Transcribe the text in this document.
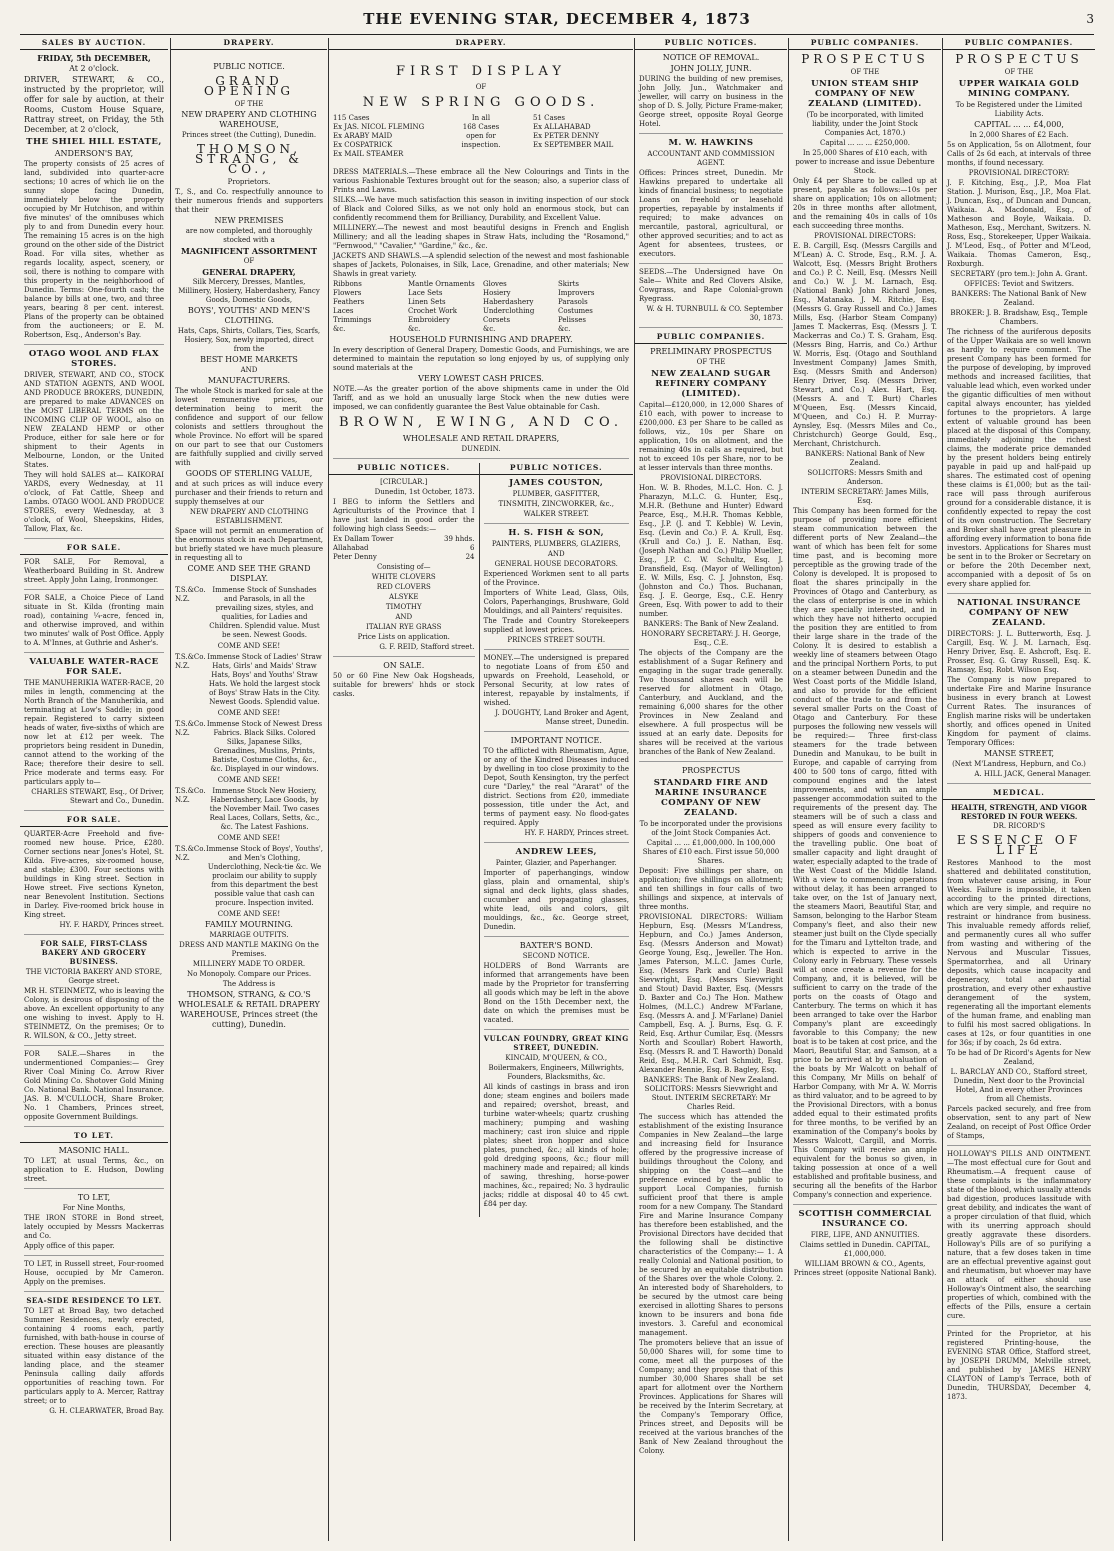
THE EVENING STAR, DECEMBER 4, 1873	3
SALES BY AUCTION.
FRIDAY, 5th DECEMBER,
At 2 o'clock.
DRIVER, STEWART, & CO., instructed by the proprietor, will offer for sale by auction, at their Rooms, Custom House Square, Rattray street, on Friday, the 5th December, at 2 o'clock,
THE SHIEL HILL ESTATE,
ANDERSON'S BAY,
The property consists of 25 acres of land, subdivided into quarter-acre sections; 10 acres of which lie on the sunny slope facing Dunedin, immediately below the property occupied by Mr Hutchison, and within five minutes' of the omnibuses which ply to and from Dunedin every hour. The remaining 15 acres is on the high ground on the other side of the District Road. For villa sites, whether as regards locality, aspect, scenery, or soil, there is nothing to compare with this property in the neighborhood of Dunedin. Terms: One-fourth cash; the balance by bills at one, two, and three years, bearing 8 per cent. interest. Plans of the property can be obtained from the auctioneers; or E. M. Robertson, Esq., Anderson's Bay.
OTAGO WOOL AND FLAX STORES.
DRIVER, STEWART, AND CO., STOCK AND STATION AGENTS, AND WOOL AND PRODUCE BROKERS, DUNEDIN, are prepared to make ADVANCES on the MOST LIBERAL TERMS on the INCOMING CLIP OF WOOL, also on NEW ZEALAND HEMP or other Produce, either for sale here or for shipment to their Agents in Melbourne, London, or the United States.
They will hold SALES at— KAIKORAI YARDS, every Wednesday, at 11 o'clock, of Fat Cattle, Sheep and Lambs. OTAGO WOOL AND PRODUCE STORES, every Wednesday, at 3 o'clock, of Wool, Sheepskins, Hides, Tallow, Flax, &c.
FOR SALE.
FOR SALE, For Removal, a Weatherboard Building in St. Andrew street. Apply John Laing, Ironmonger.
FOR SALE, a Choice Piece of Land situate in St. Kilda (fronting main road), containing ¼-acre, fenced in, and otherwise improved, and within two minutes' walk of Post Office. Apply to A. M'Innes, at Guthrie and Asher's.
VALUABLE WATER-RACE FOR SALE.
THE MANUHERIKIA WATER-RACE, 20 miles in length, commencing at the North Branch of the Manuherikia, and terminating at Low's Saddle; in good repair. Registered to carry sixteen heads of water, five-sixths of which are now let at £12 per week. The proprietors being resident in Dunedin, cannot attend to the working of the Race; therefore their desire to sell. Price moderate and terms easy. For particulars apply to—
CHARLES STEWART, Esq., Of Driver, Stewart and Co., Dunedin.
FOR SALE.
QUARTER-Acre Freehold and five-roomed new house. Price, £280. Corner sections near Jones's Hotel, St. Kilda. Five-acres, six-roomed house, and stable; £300. Four sections with buildings in King street. Section in Howe street. Five sections Kyneton, near Benevolent Institution. Sections in Darley. Five-roomed brick house in King street.
HY. F. HARDY, Princes street.
FOR SALE, FIRST-CLASS BAKERY AND GROCERY BUSINESS.
THE VICTORIA BAKERY AND STORE, George street.
MR H. STEINMETZ, who is leaving the Colony, is desirous of disposing of the above. An excellent opportunity to any one wishing to invest. Apply to H. STEINMETZ, On the premises; Or to R. WILSON, & CO., Jetty street.
FOR SALE.—Shares in the undermentioned Companies:— Grey River Coal Mining Co. Arrow River Gold Mining Co. Shotover Gold Mining Co. National Bank. National Insurance. JAS. B. M'CULLOCH, Share Broker, No. 1 Chambers, Princes street, opposite Government Buildings.
TO LET.
MASONIC HALL.
TO LET, at usual Terms, &c., on application to E. Hudson, Dowling street.
TO LET,
For Nine Months,
THE IRON STORE in Bond street, lately occupied by Messrs Mackerras and Co.
Apply office of this paper.
TO LET, in Russell street, Four-roomed House, occupied by Mr Cameron. Apply on the premises.
SEA-SIDE RESIDENCE TO LET.
TO LET at Broad Bay, two detached Summer Residences, newly erected, containing 4 rooms each, partly furnished, with bath-house in course of erection. These houses are pleasantly situated within easy distance of the landing place, and the steamer Peninsula calling daily affords opportunities of reaching town. For particulars apply to A. Mercer, Rattray street; or to
G. H. CLEARWATER, Broad Bay.
DRAPERY.
PUBLIC NOTICE.
GRAND OPENING
OF THE
NEW DRAPERY AND CLOTHING WAREHOUSE,
Princes street (the Cutting), Dunedin.
THOMSON, STRANG, & CO.,
Proprietors.
T., S., and Co. respectfully announce to their numerous friends and supporters that their
NEW PREMISES
are now completed, and thoroughly stocked with a
MAGNIFICENT ASSORTMENT
OF
GENERAL DRAPERY,
Silk Mercery, Dresses, Mantles, Millinery, Hosiery, Haberdashery, Fancy Goods, Domestic Goods,
BOYS', YOUTHS' AND MEN'S CLOTHING.
Hats, Caps, Shirts, Collars, Ties, Scarfs, Hosiery, Sox, newly imported, direct from the
BEST HOME MARKETS
AND
MANUFACTURERS.
The whole Stock is marked for sale at the lowest remunerative prices, our determination being to merit the confidence and support of our fellow colonists and settlers throughout the whole Province. No effort will be spared on our part to see that our Customers are faithfully supplied and civilly served with
GOODS OF STERLING VALUE,
and at such prices as will induce every purchaser and their friends to return and supply themselves at our
NEW DRAPERY AND CLOTHING ESTABLISHMENT.
Space will not permit an enumeration of the enormous stock in each Department, but briefly stated we have much pleasure in requesting all to
COME AND SEE THE GRAND DISPLAY.
T.S.&Co. N.Z.
Immense Stock of Sunshades and Parasols, in all the prevailing sizes, styles, and qualities, for Ladies and Children. Splendid value. Must be seen. Newest Goods.
COME AND SEE!
T.S.&Co. N.Z.
Immense Stock of Ladies' Straw Hats, Girls' and Maids' Straw Hats, Boys' and Youths' Straw Hats. We hold the largest stock of Boys' Straw Hats in the City. Newest Goods. Splendid value.
COME AND SEE!
T.S.&Co. N.Z.
Immense Stock of Newest Dress Fabrics. Black Silks. Colored Silks, Japanese Silks, Grenadines, Muslins, Prints, Batiste, Costume Cloths, &c., &c. Displayed in our windows.
COME AND SEE!
T.S.&Co. N.Z.
Immense Stock New Hosiery, Haberdashery, Lace Goods, by the November Mail. Two cases Real Laces, Collars, Setts, &c., &c. The Latest Fashions.
COME AND SEE!
T.S.&Co. N.Z.
Immense Stock of Boys', Youths', and Men's Clothing, Underclothing, Neck-tie &c. We proclaim our ability to supply from this department the best possible value that cash can procure. Inspection invited.
COME AND SEE!
FAMILY MOURNING.
MARRIAGE OUTFITS.
DRESS AND MANTLE MAKING On the Premises.
MILLINERY MADE TO ORDER.
No Monopoly. Compare our Prices.
The Address is
THOMSON, STRANG, & CO.'S WHOLESALE & RETAIL DRAPERY WAREHOUSE, Princes street (the cutting), Dunedin.
DRAPERY.
FIRST DISPLAY
OF
NEW SPRING GOODS.
115 Cases
Ex JAS. NICOL FLEMING
Ex ARABY MAID
Ex COSPATRICK
Ex MAIL STEAMER
In all
168 Cases
open for
inspection.
51 Cases
Ex ALLAHABAD
Ex PETER DENNY
Ex SEPTEMBER MAIL
DRESS MATERIALS.—These embrace all the New Colourings and Tints in the various Fashionable Textures brought out for the season; also, a superior class of Prints and Lawns.
SILKS.—We have much satisfaction this season in inviting inspection of our stock of Black and Colored Silks, as we not only hold an enormous stock, but can confidently recommend them for Brilliancy, Durability, and Excellent Value.
MILLINERY.—The newest and most beautiful designs in French and English Millinery; and all the leading shapes in Straw Hats, including the "Rosamond," "Fernwood," "Cavalier," "Gardine," &c., &c.
JACKETS AND SHAWLS.—A splendid selection of the newest and most fashionable shapes of Jackets, Polonaises, in Silk, Lace, Grenadine, and other materials; New Shawls in great variety.
Ribbons
Flowers
Feathers
Laces
Trimmings
&c.
Mantle Ornaments
Lace Sets
Linen Sets
Crochet Work
Embroidery
&c.
Gloves
Hosiery
Haberdashery
Underclothing
Corsets
&c.
Skirts
Improvers
Parasols
Costumes
Pelisses
&c.
HOUSEHOLD FURNISHING AND DRAPERY.
In every description of General Drapery, Domestic Goods, and Furnishings, we are determined to maintain the reputation so long enjoyed by us, of supplying only sound materials at the
VERY LOWEST CASH PRICES.
NOTE.—As the greater portion of the above shipments came in under the Old Tariff, and as we hold an unusually large Stock when the new duties were imposed, we can confidently guarantee the Best Value obtainable for Cash.
BROWN, EWING, AND CO.
WHOLESALE AND RETAIL DRAPERS,
DUNEDIN.
PUBLIC NOTICES.
[CIRCULAR.]
Dunedin, 1st October, 1873.
I BEG to inform the Settlers and Agriculturists of the Province that I have just landed in good order the following high class Seeds:—
Ex Dallam Tower	39 hhds.
Allahabad	6
Peter Denny	24
Consisting of—
WHITE CLOVERS
RED CLOVERS
ALSYKE
TIMOTHY
AND
ITALIAN RYE GRASS
Price Lists on application.
G. F. REID, Stafford street.
ON SALE.
50 or 60 Fine New Oak Hogsheads, suitable for brewers' hhds or stock casks.
PUBLIC NOTICES.
JAMES COUSTON,
PLUMBER, GASFITTER,
TINSMITH, ZINCWORKER, &c.,
WALKER STREET.
H. S. FISH & SON,
PAINTERS, PLUMBERS, GLAZIERS,
AND
GENERAL HOUSE DECORATORS.
Experienced Workmen sent to all parts of the Province.
Importers of White Lead, Glass, Oils, Colors, Paperhangings, Brushware, Gold Mouldings, and all Painters' requisites.
The Trade and Country Storekeepers supplied at lowest prices.
PRINCES STREET SOUTH.
MONEY.—The undersigned is prepared to negotiate Loans of from £50 and upwards on Freehold, Leasehold, or Personal Security, at low rates of interest, repayable by instalments, if wished.
J. DOUGHTY, Land Broker and Agent, Manse street, Dunedin.
IMPORTANT NOTICE.
TO the afflicted with Rheumatism, Ague, or any of the Kindred Diseases induced by dwelling in too close proximity to the Depot, South Kensington, try the perfect cure "Darley," the real "Ararat" of the district. Sections from £20, immediate possession, title under the Act, and terms of payment easy. No flood-gates required. Apply
HY. F. HARDY, Princes street.
ANDREW LEES,
Painter, Glazier, and Paperhanger.
Importer of paperhangings, window glass, plain and ornamental, ship's signal and deck lights, glass shades, cucumber and propagating glasses, white lead, oils and colors, gilt mouldings, &c., &c. George street, Dunedin.
BAXTER'S BOND.
SECOND NOTICE.
HOLDERS of Bond Warrants are informed that arrangements have been made by the Proprietor for transferring all goods which may be left in the above Bond on the 15th December next, the date on which the premises must be vacated.
VULCAN FOUNDRY, GREAT KING STREET, DUNEDIN.
KINCAID, M'QUEEN, & CO.,
Boilermakers, Engineers, Millwrights, Founders, Blacksmiths, &c.
All kinds of castings in brass and iron done; steam engines and boilers made and repaired; overshot, breast, and turbine water-wheels; quartz crushing machinery; pumping and washing machinery; cast iron sluice and ripple plates; sheet iron hopper and sluice plates, punched, &c.; all kinds of hole; gold dredging spoons, &c.; flour mill machinery made and repaired; all kinds of sawing, threshing, horse-power machines, &c., repaired; No. 3 hydraulic jacks; riddle at disposal 40 to 45 cwt. £84 per day.
PUBLIC NOTICES.
NOTICE OF REMOVAL.
JOHN JOLLY, JUNR.
DURING the building of new premises, John Jolly, Jun., Watchmaker and Jeweller, will carry on business in the shop of D. S. Jolly, Picture Frame-maker, George street, opposite Royal George Hotel.
M. W. HAWKINS
ACCOUNTANT AND COMMISSION AGENT.
Offices: Princes street, Dunedin. Mr Hawkins prepared to undertake all kinds of financial business; to negotiate Loans on freehold or leasehold properties, repayable by instalments if required; to make advances on mercantile, pastoral, agricultural, or other approved securities; and to act as Agent for absentees, trustees, or executors.
SEEDS.—The Undersigned have On Sale— White and Red Clovers Alsike, Cowgrass, and Rape Colonial-grown Ryegrass.
W. & H. TURNBULL & CO. September 30, 1873.
PUBLIC COMPANIES.
PRELIMINARY PROSPECTUS
OF THE
NEW ZEALAND SUGAR REFINERY COMPANY (LIMITED).
Capital—£120,000, in 12,000 Shares of £10 each, with power to increase to £200,000. £3 per Share to be called as follows, viz., 10s per Share on application, 10s on allotment, and the remaining 40s in calls as required, but not to exceed 10s per Share, nor to be at lesser intervals than three months.
PROVISIONAL DIRECTORS.
Hon. W. B. Rhodes, M.L.C. Hon. C. J. Pharazyn, M.L.C. G. Hunter, Esq., M.H.R. (Bethune and Hunter) Edward Pearce, Esq., M.H.R. Thomas Kebble, Esq., J.P. (J. and T. Kebble) W. Levin, Esq. (Levin and Co.) F. A. Krull, Esq. (Krull and Co.) J. E. Nathan, Esq. (Joseph Nathan and Co.) Philip Mueller, Esq., J.P. C. W. Schultz, Esq. J. Dransfield, Esq. (Mayor of Wellington) E. W. Mills, Esq. C. J. Johnston, Esq. (Johnston and Co.) Thos. Buchanan, Esq. J. E. George, Esq., C.E. Henry Green, Esq. With power to add to their number.
BANKERS: The Bank of New Zealand.
HONORARY SECRETARY: J. H. George, Esq., C.E.
The objects of the Company are the establishment of a Sugar Refinery and engaging in the sugar trade generally. Two thousand shares each will be reserved for allotment in Otago, Canterbury, and Auckland, and the remaining 6,000 shares for the other Provinces in New Zealand and elsewhere. A full prospectus will be issued at an early date. Deposits for shares will be received at the various branches of the Bank of New Zealand.
PROSPECTUS
STANDARD FIRE AND MARINE INSURANCE COMPANY OF NEW ZEALAND.
To be incorporated under the provisions of the Joint Stock Companies Act.
Capital ... ... £1,000,000. In 100,000 Shares of £10 each. First issue 50,000 Shares.
Deposit: Five shillings per share, on application; five shillings on allotment; and ten shillings in four calls of two shillings and sixpence, at intervals of three months.
PROVISIONAL DIRECTORS: William Hepburn, Esq. (Messrs M'Landress, Hepburn, and Co.) James Anderson, Esq. (Messrs Anderson and Mowat) George Young, Esq., Jeweller. The Hon. James Paterson, M.L.C. James Curle, Esq. (Messrs Park and Curle) Basil Sievwright, Esq. (Messrs Sievwright and Stout) David Baxter, Esq. (Messrs D. Baxter and Co.) The Hon. Mathew Holmes, (M.L.C.) Andrew M'Farlane, Esq. (Messrs A. and J. M'Farlane) Daniel Campbell, Esq. A. J. Burns, Esq. G. F. Reid, Esq. Arthur Cumilar, Esq. (Messrs North and Scoullar) Robert Haworth, Esq. (Messrs R. and T. Haworth) Donald Reid, Esq., M.H.R. Carl Schmidt, Esq. Alexander Rennie, Esq. B. Bagley, Esq.
BANKERS: The Bank of New Zealand. SOLICITORS: Messrs Sievwright and Stout. INTERIM SECRETARY: Mr Charles Reid.
The success which has attended the establishment of the existing Insurance Companies in New Zealand—the large and increasing field for Insurance offered by the progressive increase of buildings throughout the Colony, and shipping on the Coast—and the preference evinced by the public to support Local Companies, furnish sufficient proof that there is ample room for a new Company. The Standard Fire and Marine Insurance Company has therefore been established, and the Provisional Directors have decided that the following shall be distinctive characteristics of the Company:— 1. A really Colonial and National position, to be secured by an equitable distribution of the Shares over the whole Colony. 2. An interested body of Shareholders, to be secured by the utmost care being exercised in allotting Shares to persons known to be insurers and bona fide investors. 3. Careful and economical management.
The promoters believe that an issue of 50,000 Shares will, for some time to come, meet all the purposes of the Company; and they propose that of this number 30,000 Shares shall be set apart for allotment over the Northern Provinces. Applications for Shares will be received by the Interim Secretary, at the Company's Temporary Office, Princes street, and Deposits will be received at the various branches of the Bank of New Zealand throughout the Colony.
PUBLIC COMPANIES.
PROSPECTUS
OF THE
UNION STEAM SHIP COMPANY OF NEW ZEALAND (LIMITED).
(To be incorporated, with limited liability, under the Joint Stock Companies Act, 1870.)
Capital ... ... ... £250,000.
In 25,000 Shares of £10 each, with power to increase and issue Debenture Stock.
Only £4 per Share to be called up at present, payable as follows:—10s per share on application; 10s on allotment; 20s in three months after allotment, and the remaining 40s in calls of 10s each succeeding three months.
PROVISIONAL DIRECTORS:
E. B. Cargill, Esq. (Messrs Cargills and M'Lean) A. C. Strode, Esq., R.M. J. A. Walcott, Esq. (Messrs Bright Brothers and Co.) P. C. Neill, Esq. (Messrs Neill and Co.) W. J. M. Larnach, Esq. (National Bank) John Richard Jones, Esq., Matanaka. J. M. Ritchie, Esq. (Messrs G. Gray Russell and Co.) James Mills, Esq. (Harbor Steam Company) James T. Mackerras, Esq. (Messrs J. T. Mackerras and Co.) T. S. Graham, Esq. (Messrs Bing, Harris, and Co.) Arthur W. Morris, Esq. (Otago and Southland Investment Company) James Smith, Esq. (Messrs Smith and Anderson) Henry Driver, Esq. (Messrs Driver, Stewart, and Co.) Alex. Hart, Esq. (Messrs A. and T. Burt) Charles M'Queen, Esq. (Messrs Kincaid, M'Queen, and Co.) H. P. Murray-Aynsley, Esq. (Messrs Miles and Co., Christchurch) George Gould, Esq., Merchant, Christchurch.
BANKERS: National Bank of New Zealand.
SOLICITORS: Messrs Smith and Anderson.
INTERIM SECRETARY: James Mills, Esq.
This Company has been formed for the purpose of providing more efficient steam communication between the different ports of New Zealand—the want of which has been felt for some time past, and is becoming more perceptible as the growing trade of the Colony is developed. It is proposed to float the shares principally in the Provinces of Otago and Canterbury, as the class of enterprise is one in which they are specially interested, and in which they have not hitherto occupied the position they are entitled to from their large share in the trade of the Colony. It is desired to establish a weekly line of steamers between Otago and the principal Northern Ports, to put on a steamer between Dunedin and the West Coast ports of the Middle Island, and also to provide for the efficient conduct of the trade to and from the several smaller Ports on the Coast of Otago and Canterbury. For these purposes the following new vessels will be required:— Three first-class steamers for the trade between Dunedin and Manukau, to be built in Europe, and capable of carrying from 400 to 500 tons of cargo, fitted with compound engines and the latest improvements, and with an ample passenger accommodation suited to the requirements of the present day. The steamers will be of such a class and speed as will ensure every facility to shippers of goods and convenience to the travelling public. One boat of smaller capacity and light draught of water, especially adapted to the trade of the West Coast of the Middle Island. With a view to commencing operations without delay, it has been arranged to take over, on the 1st of January next, the steamers Maori, Beautiful Star, and Samson, belonging to the Harbor Steam Company's fleet, and also their new steamer just built on the Clyde specially for the Timaru and Lyttelton trade, and which is expected to arrive in the Colony early in February. These vessels will at once create a revenue for the Company, and, it is believed, will be sufficient to carry on the trade of the ports on the coasts of Otago and Canterbury. The terms on which it has been arranged to take over the Harbor Company's plant are exceedingly favorable to this Company; the new boat is to be taken at cost price, and the Maori, Beautiful Star, and Samson, at a price to be arrived at by a valuation of the boats by Mr Walcott on behalf of this Company, Mr Mills on behalf of Harbor Company, with Mr A. W. Morris as third valuator, and to be agreed to by the Provisional Directors, with a bonus added equal to their estimated profits for three months, to be verified by an examination of the Company's books by Messrs Walcott, Cargill, and Morris. This Company will receive an ample equivalent for the bonus so given, in taking possession at once of a well established and profitable business, and securing all the benefits of the Harbor Company's connection and experience.
SCOTTISH COMMERCIAL INSURANCE CO.
FIRE, LIFE, AND ANNUITIES.
Claims settled in Dunedin. CAPITAL, £1,000,000.
WILLIAM BROWN & CO., Agents, Princes street (opposite National Bank).
PUBLIC COMPANIES.
PROSPECTUS
OF THE
UPPER WAIKAIA GOLD MINING COMPANY.
To be Registered under the Limited Liability Acts.
CAPITAL ... ... £4,000,
In 2,000 Shares of £2 Each.
5s on Application, 5s on Allotment, four Calls of 2s 6d each, at intervals of three months, if found necessary.
PROVISIONAL DIRECTORY:
J. F. Kitching, Esq., J.P., Moa Flat Station. J. Murison, Esq., J.P., Moa Flat. J. Duncan, Esq., of Duncan and Duncan, Waikaia. A. Macdonald, Esq., of Matheson and Boyle, Waikaia. D. Matheson, Esq., Merchant, Switzers. N. Ross, Esq., Storekeeper, Upper Waikaia. J. M'Leod, Esq., of Potter and M'Leod, Waikaia. Thomas Cameron, Esq., Roxburgh.
SECRETARY (pro tem.): John A. Grant.
OFFICES: Teviot and Switzers.
BANKERS: The National Bank of New Zealand.
BROKER: J. B. Bradshaw, Esq., Temple Chambers.
The richness of the auriferous deposits of the Upper Waikaia are so well known as hardly to require comment. The present Company has been formed for the purpose of developing, by improved methods and increased facilities, that valuable lead which, even worked under the gigantic difficulties of men without capital always encounter, has yielded fortunes to the proprietors. A large extent of valuable ground has been placed at the disposal of this Company, immediately adjoining the richest claims, the moderate price demanded by the present holders being entirely payable in paid up and half-paid up shares. The estimated cost of opening these claims is £1,000; but as the tail-race will pass through auriferous ground for a considerable distance, it is confidently expected to repay the cost of its own construction. The Secretary and Broker shall have great pleasure in affording every information to bona fide investors. Applications for Shares must be sent in to the Broker or Secretary on or before the 20th December next, accompanied with a deposit of 5s on every share applied for.
NATIONAL INSURANCE COMPANY OF NEW ZEALAND.
DIRECTORS: J. L. Butterworth, Esq. J. Cargill, Esq. W. J. M. Larnach, Esq. Henry Driver, Esq. E. Ashcroft, Esq. E. Prosser, Esq. G. Gray Russell, Esq. K. Ramsay, Esq. Robt. Wilson Esq.
The Company is now prepared to undertake Fire and Marine Insurance business in every branch at Lowest Current Rates. The insurances of English marine risks will be undertaken shortly, and offices opened in United Kingdom for payment of claims. Temporary Offices:
MANSE STREET,
(Next M'Landress, Hepburn, and Co.)
A. HILL JACK, General Manager.
MEDICAL.
HEALTH, STRENGTH, AND VIGOR RESTORED IN FOUR WEEKS.
DR. RICORD'S
ESSENCE OF LIFE
Restores Manhood to the most shattered and debilitated constitution, from whatever cause arising, in Four Weeks. Failure is impossible, it taken according to the printed directions, which are very simple, and require no restraint or hindrance from business. This invaluable remedy affords relief, and permanently cures all who suffer from wasting and withering of the Nervous and Muscular Tissues, Spermatorrhea, and all Urinary deposits, which cause incapacity and degeneracy, total and partial prostration, and every other exhaustive derangement of the system, regenerating all the important elements of the human frame, and enabling man to fulfil his most sacred obligations. In cases at 12s, or four quantities in one for 36s; if by coach, 2s 6d extra.
To be had of Dr Ricord's Agents for New Zealand,
L. BARCLAY AND CO., Stafford street, Dunedin, Next door to the Provincial Hotel, And in every other Provinces from all Chemists.
Parcels packed securely, and free from observation, sent to any part of New Zealand, on receipt of Post Office Order of Stamps,
HOLLOWAY'S PILLS AND OINTMENT.—The most effectual cure for Gout and Rheumatism.—A frequent cause of these complaints is the inflammatory state of the blood, which usually attends bad digestion, produces lassitude with great debility, and indicates the want of a proper circulation of that fluid, which with its unerring approach should greatly aggravate these disorders. Holloway's Pills are of so purifying a nature, that a few doses taken in time are an effectual preventive against gout and rheumatism, but whoever may have an attack of either should use Holloway's Ointment also, the searching properties of which, combined with the effects of the Pills, ensure a certain cure.
Printed for the Proprietor, at his registered Printing-house, the EVENING STAR Office, Stafford street, by JOSEPH DRUMM, Melville street, and published by JAMES HENRY CLAYTON of Lamp's Terrace, both of Dunedin, THURSDAY, December 4, 1873.
